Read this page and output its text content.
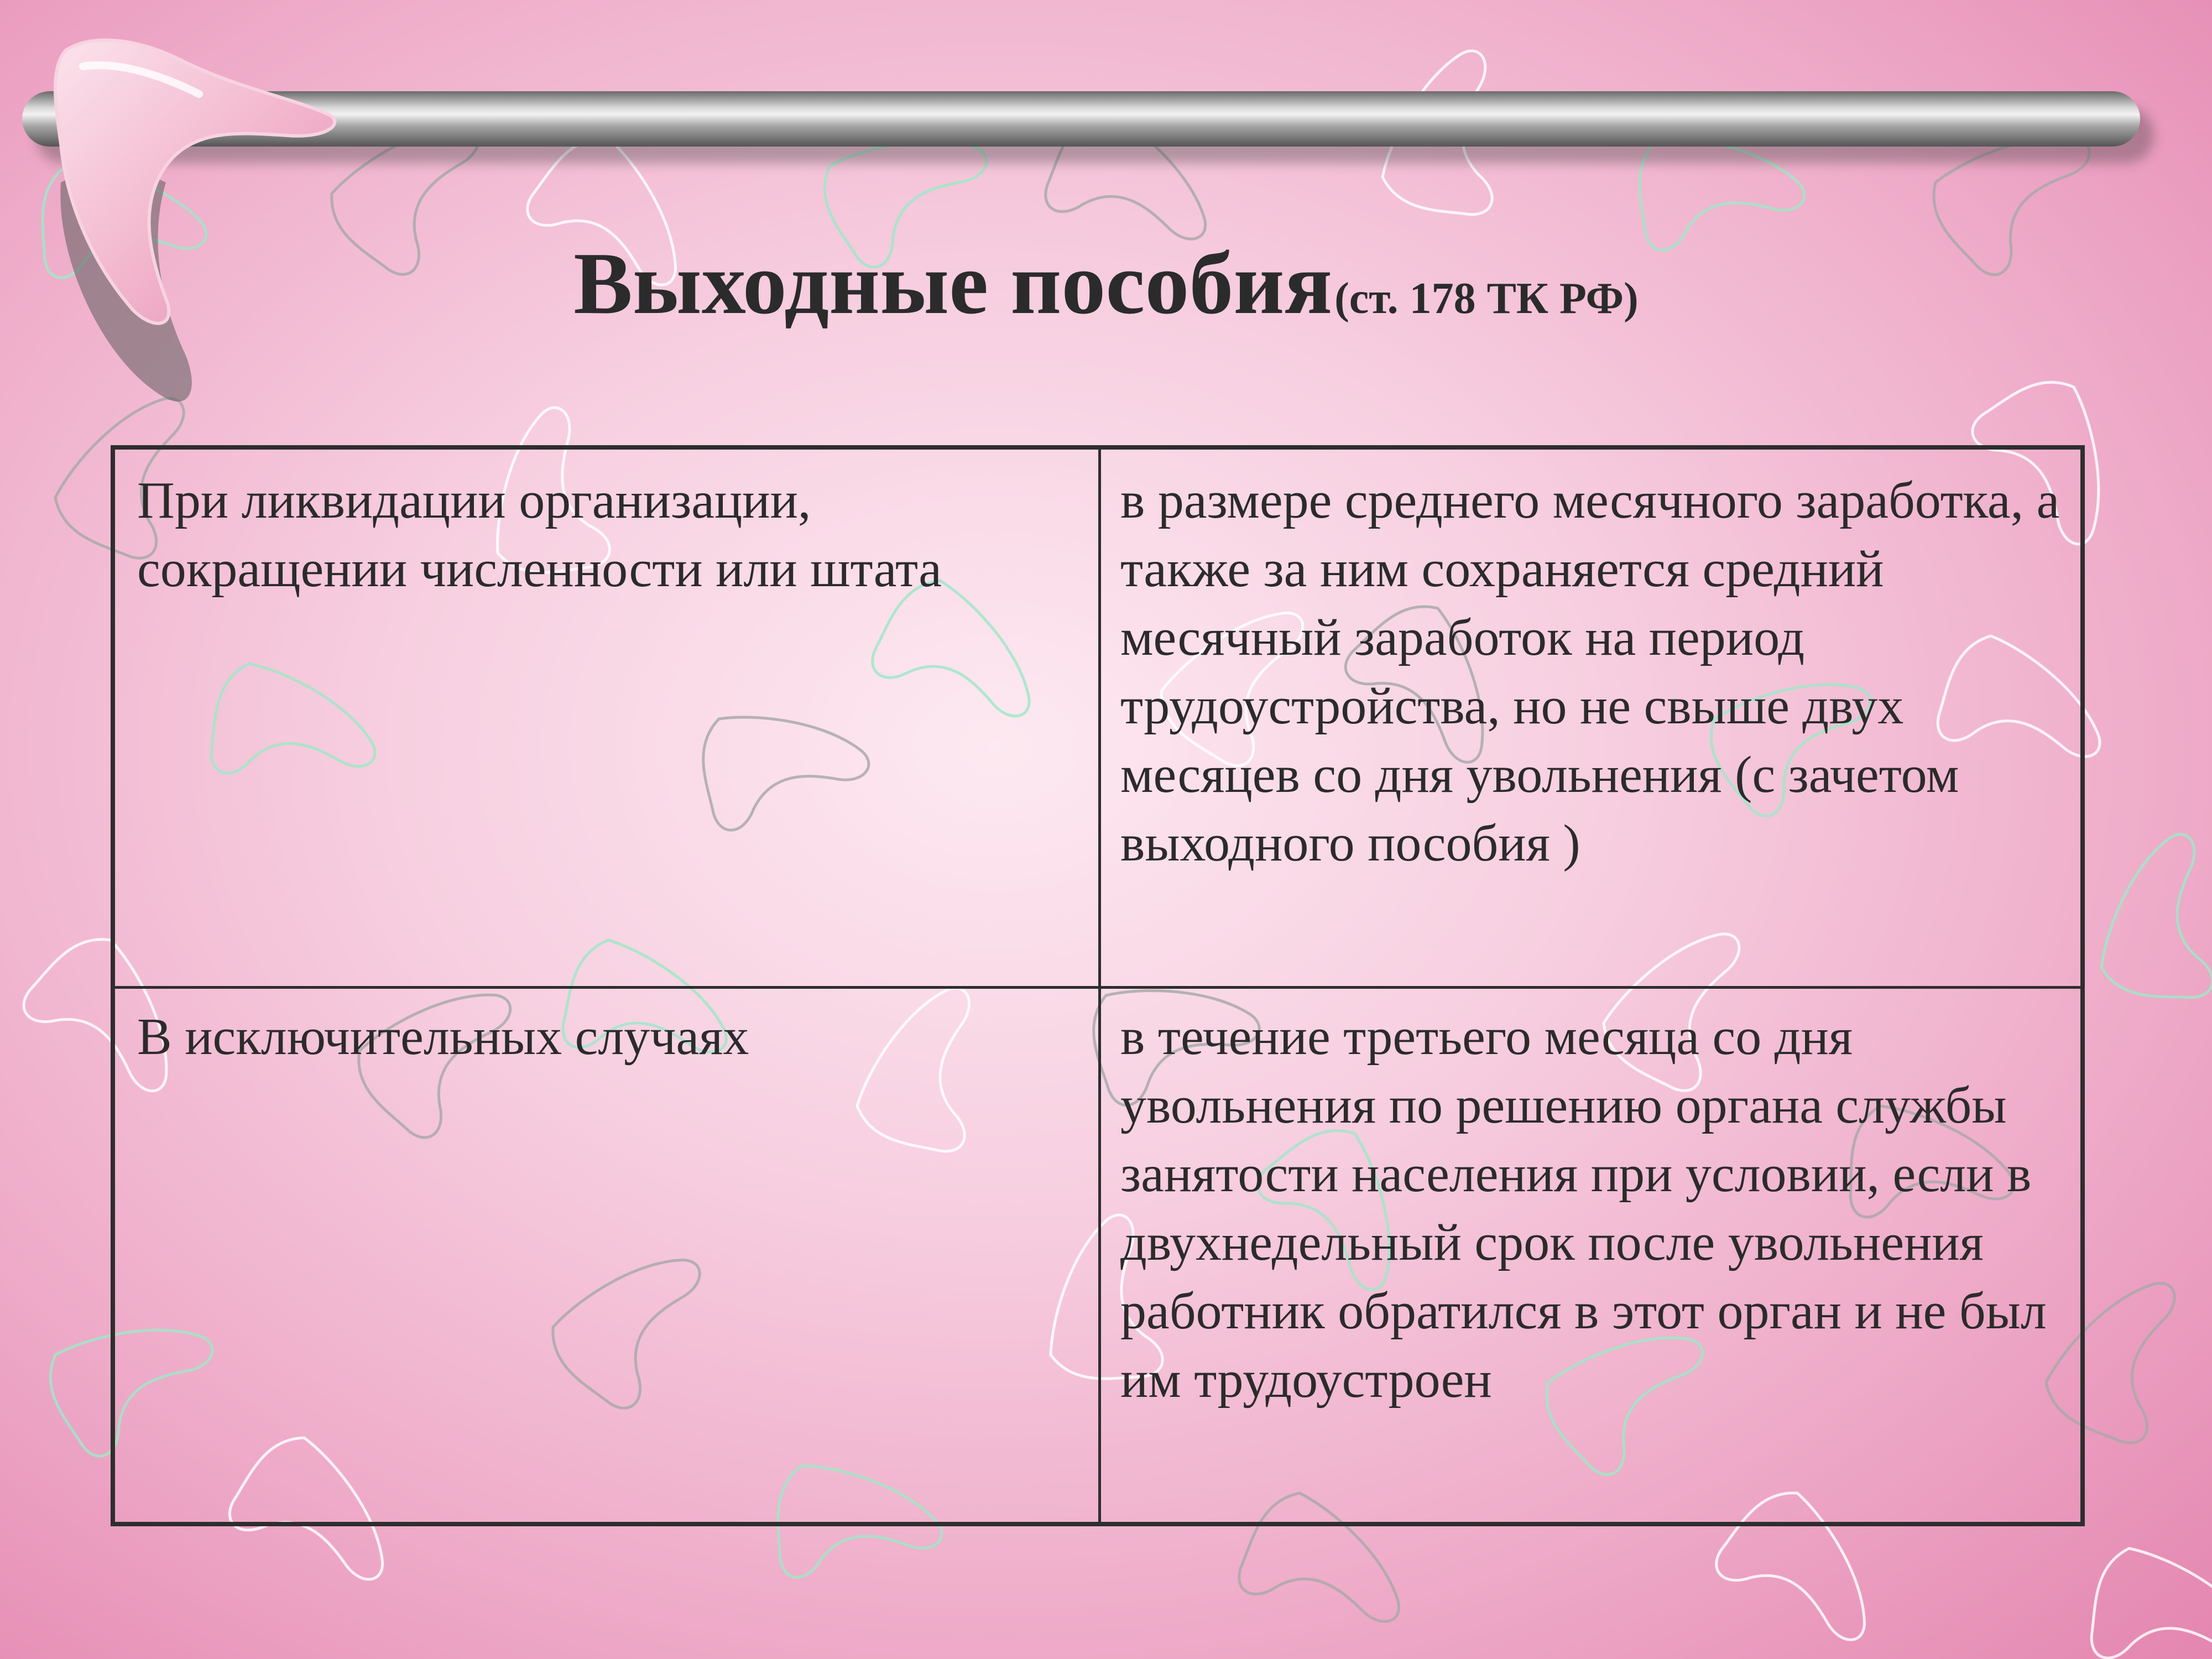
Выходные пособия (ст. 178 ТК РФ)
При ликвидации организации, сокращении численности или штата
в размере среднего месячного заработка, а также за ним сохраняется средний месячный заработок на период трудоустройства, но не свыше двух месяцев со дня увольнения (с зачетом выходного пособия )
В исключительных случаях	в течение третьего месяца со дня увольнения по решению органа службы занятости населения при условии, если в двухнедельный срок после увольнения работник обратился в этот орган и не был им трудоустроен
